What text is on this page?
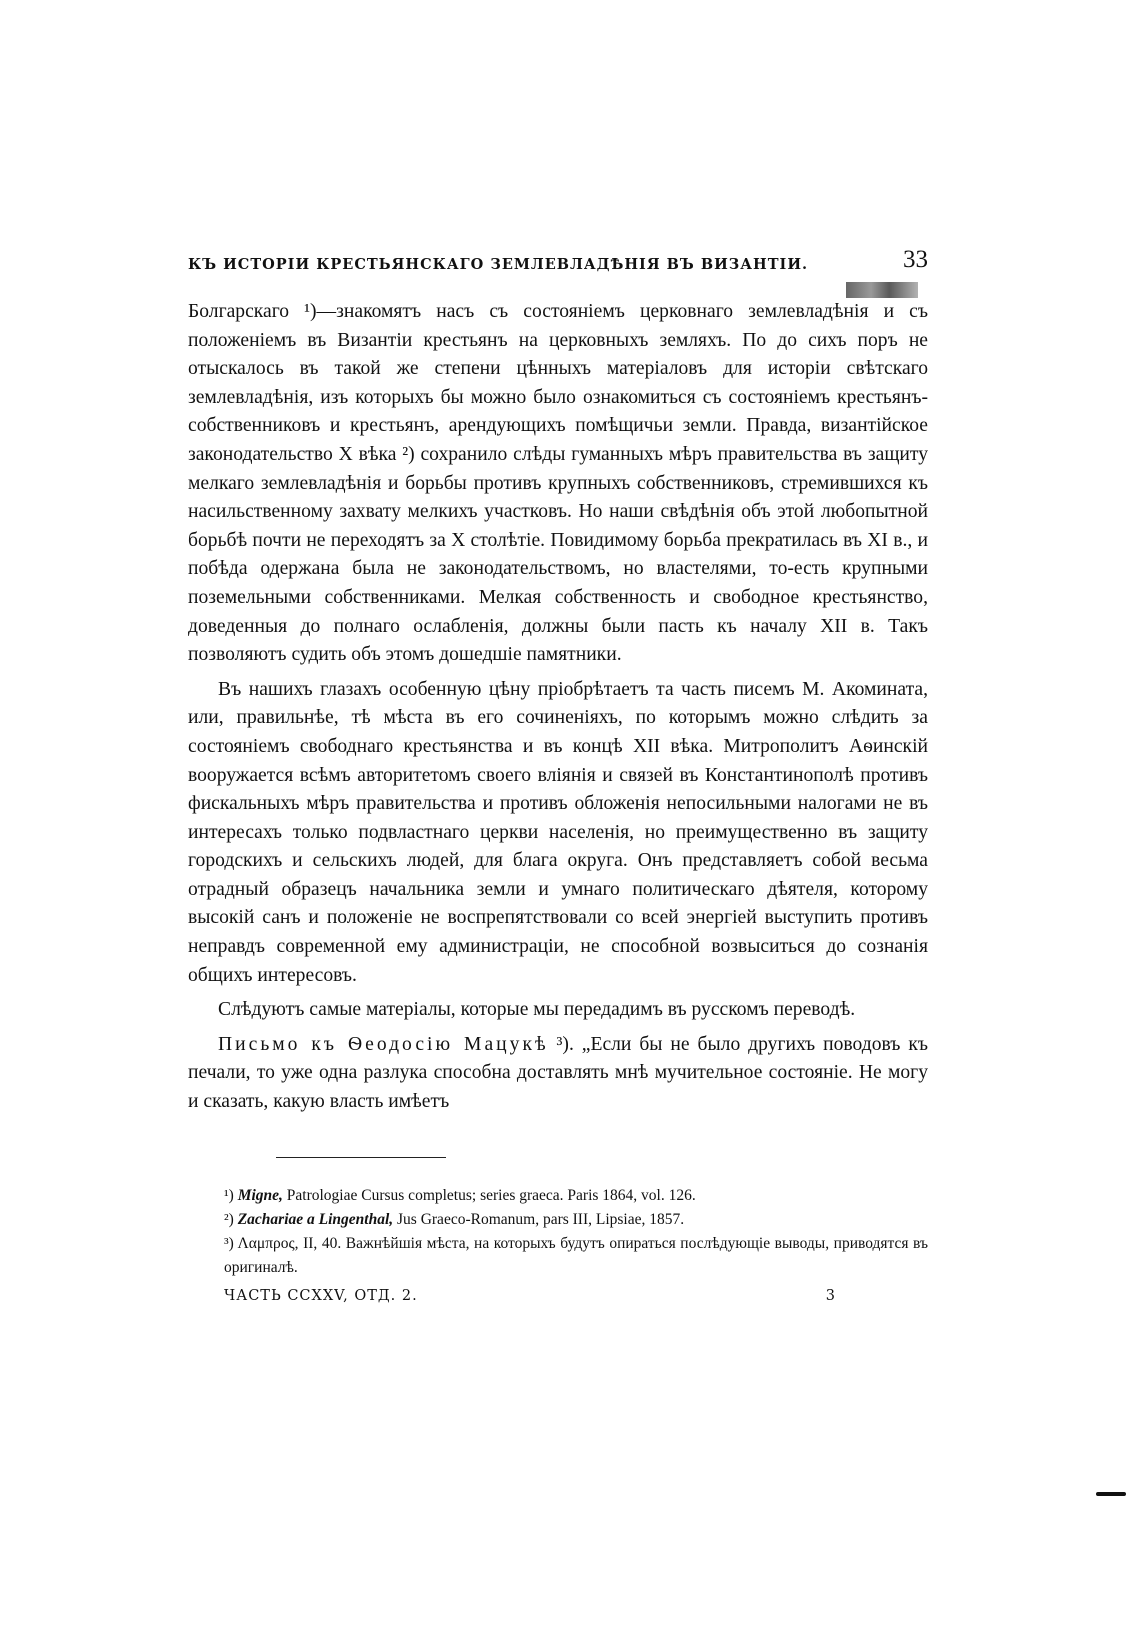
КЪ ИСТОРІИ КРЕСТЬЯНСКАГО ЗЕМЛЕВЛАДѢНІЯ ВЪ ВИЗАНТІИ.	33

Болгарскаго ¹)—знакомятъ насъ съ состояніемъ церковнаго землевладѣнія и съ положеніемъ въ Византіи крестьянъ на церковныхъ земляхъ. По до сихъ поръ не отыскалось въ такой же степени цѣнныхъ матеріаловъ для исторіи свѣтскаго землевладѣнія, изъ которыхъ бы можно было ознакомиться съ состояніемъ крестьянъ-собственниковъ и крестьянъ, арендующихъ помѣщичьи земли. Правда, византійское законодательство X вѣка ²) сохранило слѣды гуманныхъ мѣръ правительства въ защиту мелкаго землевладѣнія и борьбы противъ крупныхъ собственниковъ, стремившихся къ насильственному захвату мелкихъ участковъ. Но наши свѣдѣнія объ этой любопытной борьбѣ почти не переходятъ за X столѣтіе. Повидимому борьба прекратилась въ XI в., и побѣда одержана была не законодательствомъ, но властелями, то-есть крупными поземельными собственниками. Мелкая собственность и свободное крестьянство, доведенныя до полнаго ослабленія, должны были пасть къ началу XII в. Такъ позволяютъ судить объ этомъ дошедшіе памятники.

Въ нашихъ глазахъ особенную цѣну пріобрѣтаетъ та часть писемъ М. Акомината, или, правильнѣе, тѣ мѣста въ его сочиненіяхъ, по которымъ можно слѣдить за состояніемъ свободнаго крестьянства и въ концѣ XII вѣка. Митрополитъ Аѳинскій вооружается всѣмъ авторитетомъ своего вліянія и связей въ Константинополѣ противъ фискальныхъ мѣръ правительства и противъ обложенія непосильными налогами не въ интересахъ только подвластнаго церкви населенія, но преимущественно въ защиту городскихъ и сельскихъ людей, для блага округа. Онъ представляетъ собой весьма отрадный образецъ начальника земли и умнаго политическаго дѣятеля, которому высокій санъ и положеніе не воспрепятствовали со всей энергіей выступить противъ неправдъ современной ему администраціи, не способной возвыситься до сознанія общихъ интересовъ.

Слѣдуютъ самые матеріалы, которые мы передадимъ въ русскомъ переводѣ.

Письмо къ Ѳеодосію Мацукѣ ³). „Если бы не было другихъ поводовъ къ печали, то уже одна разлука способна доставлять мнѣ мучительное состояніе. Не могу и сказать, какую власть имѣетъ

¹) Migne, Patrologiae Cursus completus; series graeca. Paris 1864, vol. 126.

²) Zachariae a Lingenthal, Jus Graeco-Romanum, pars III, Lipsiae, 1857.

³) Λαμπρος, II, 40. Важнѣйшія мѣста, на которыхъ будутъ опираться послѣдующіе выводы, приводятся въ оригиналѣ.

ЧАСТЬ CCXXV, ОТД. 2.	3
